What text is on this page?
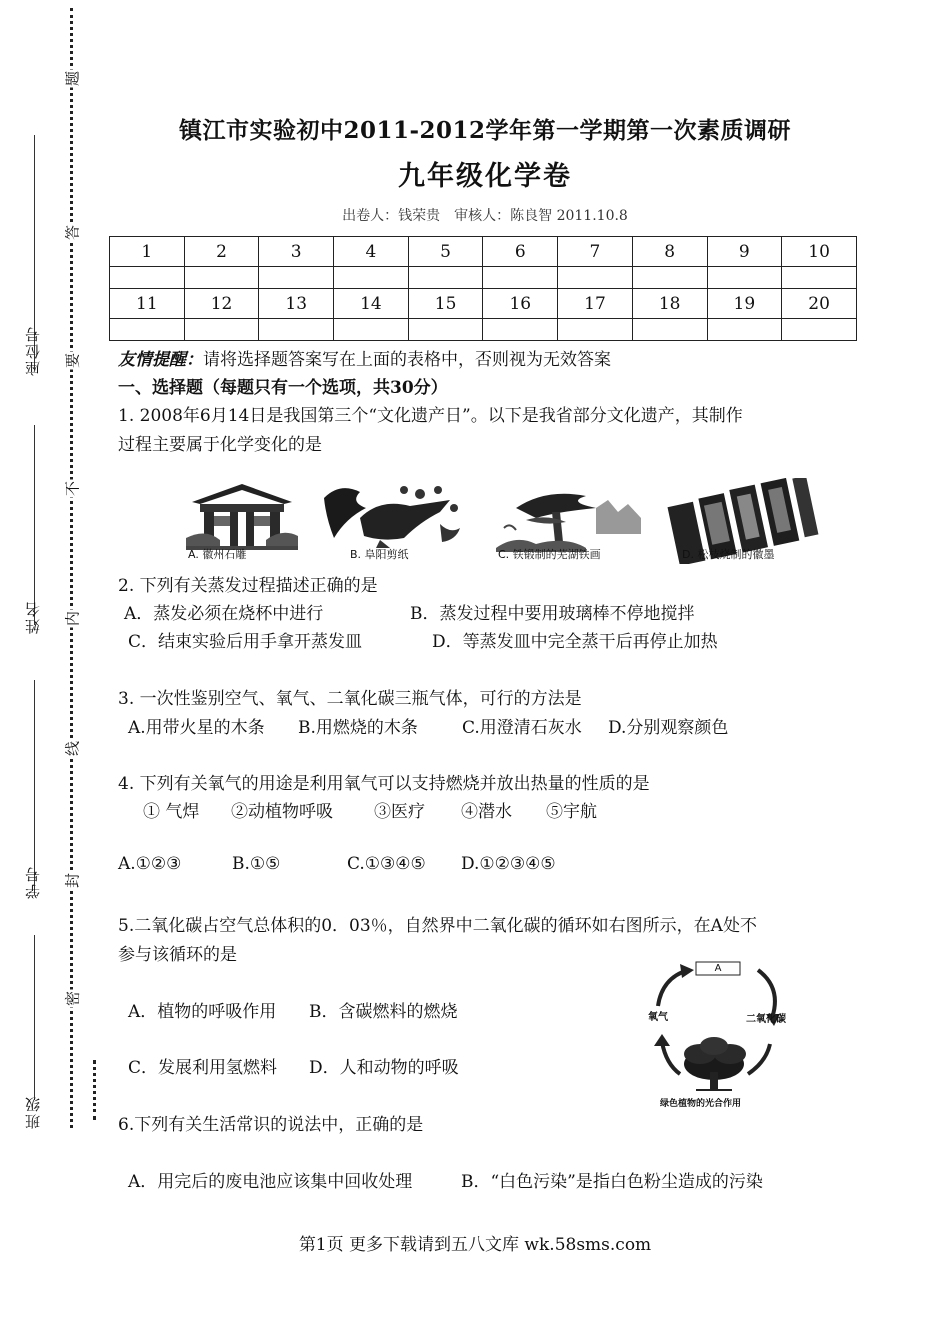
座位号
姓名
学号
班级
题
答
要
不
内
线
封
密
镇江市实验初中2011-2012学年第一学期第一次素质调研
九年级化学卷
出卷人：钱荣贵　审核人：陈良智 2011.10.8
1	2	3	4	5	6	7	8	9	10

11	12	13	14	15	16	17	18	19	20

友情提醒：请将选择题答案写在上面的表格中，否则视为无效答案
一、选择题（每题只有一个选项，共30分）
1. 2008年6月14日是我国第三个“文化遗产日”。以下是我省部分文化遗产，其制作
过程主要属于化学变化的是
A. 徽州石雕	B. 阜阳剪纸	C. 铁锻制的芜湖铁画	D. 松枝烧制的徽墨
2. 下列有关蒸发过程描述正确的是
A．蒸发必须在烧杯中进行	B．蒸发过程中要用玻璃棒不停地搅拌
C．结束实验后用手拿开蒸发皿	D．等蒸发皿中完全蒸干后再停止加热
3. 一次性鉴别空气、氧气、二氧化碳三瓶气体，可行的方法是
A.用带火星的木条 B.用燃烧的木条	C.用澄清石灰水 D.分别观察颜色
4. 下列有关氧气的用途是利用氧气可以支持燃烧并放出热量的性质的是
① 气焊 ②动植物呼吸 ③医疗 ④潜水 ⑤宇航
A.①②③	B.①⑤	C.①③④⑤ D.①②③④⑤
5.二氧化碳占空气总体积的0．03％，自然界中二氧化碳的循环如右图所示，在A处不
参与该循环的是
A．植物的呼吸作用 B．含碳燃料的燃烧
C．发展利用氢燃料 D．人和动物的呼吸
A
氧气	二氧化碳
绿色植物的光合作用
6.下列有关生活常识的说法中，正确的是
A．用完后的废电池应该集中回收处理	B．“白色污染”是指白色粉尘造成的污染
第1页 更多下载请到五八文库 wk.58sms.com
